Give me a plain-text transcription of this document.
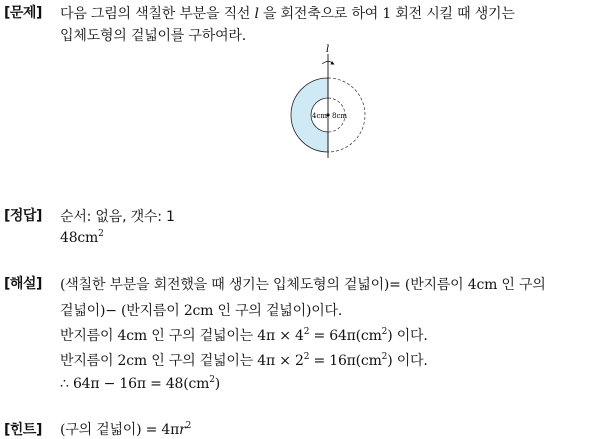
[문제] 다음 그림의 색칠한 부분을 직선 l 을 회전축으로 하여 1 회전 시킬 때 생기는
입체도형의 겉넓이를 구하여라.
l
4cm 8cm
[정답] 순서: 없음, 갯수: 1
$48cm^2$
[해설] (색칠한 부분을 회전했을 때 생기는 입체도형의 겉넓이)= (반지름이 4cm 인 구의
겉넓이)− (반지름이 2cm 인 구의 겉넓이)이다.
반지름이 4cm 인 구의 겉넓이는 $4\pi \times 4^2 = 64\pi(cm^2)$ 이다.
반지름이 2cm 인 구의 겉넓이는 $4\pi \times 2^2 = 16\pi(cm^2)$ 이다.
∴ $64\pi - 16\pi = 48(cm^2)$
[힌트] (구의 겉넓이) = $4\pi r^2$
